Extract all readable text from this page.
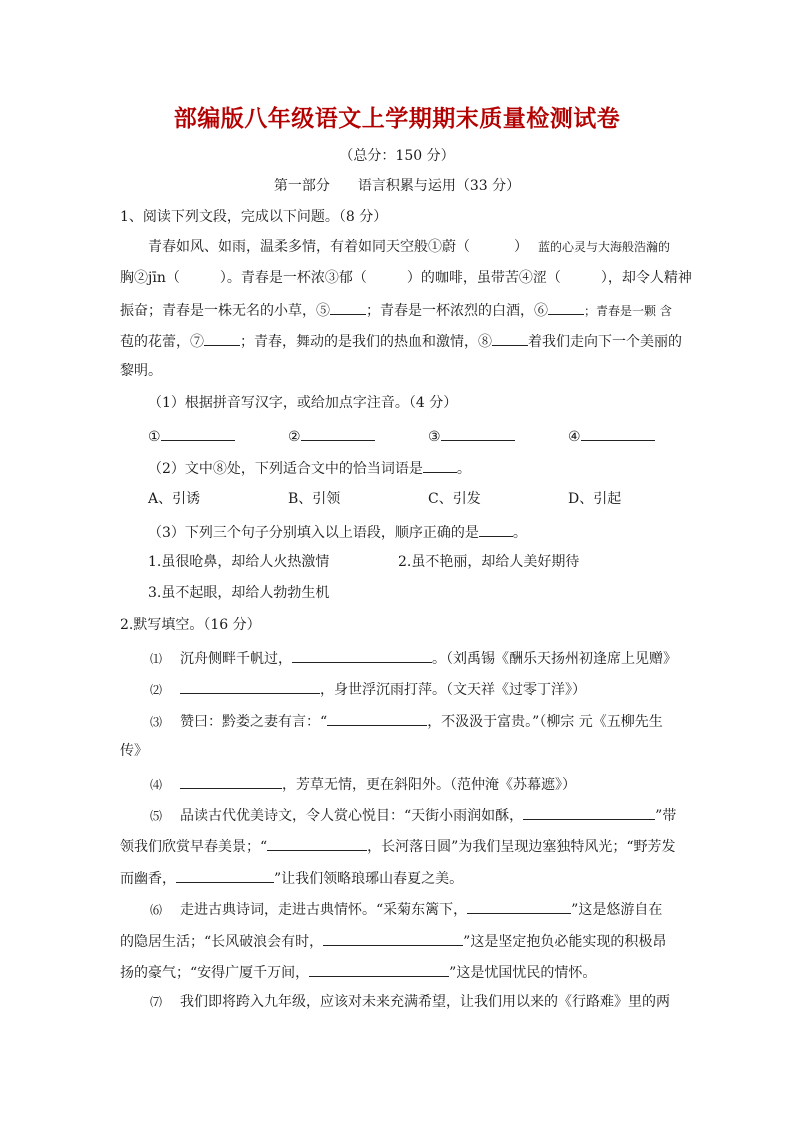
部编版八年级语文上学期期末质量检测试卷
（总分：150 分）
第一部分　　语言积累与运用（33 分）
1、阅读下列文段，完成以下问题。（8 分）
青春如风、如雨，温柔多情，有着如同天空般①蔚（	） 蓝的心灵与大海般浩瀚的
胸②jīn（	）。青春是一杯浓③郁（	）的咖啡，虽带苦④涩（	），却令人精神
振奋；青春是一株无名的小草，⑤	；青春是一杯浓烈的白酒，⑥	；青春是一颗 含
苞的花蕾，⑦	；青春，舞动的是我们的热血和激情，⑧	着我们走向下一个美丽的
黎明。
（1）根据拼音写汉字，或给加点字注音。（4 分）
①	②	③	④
（2）文中⑧处，下列适合文中的恰当词语是 。
A、引诱	B、引领	C、引发	D、引起
（3）下列三个句子分别填入以上语段，顺序正确的是 。
1.虽很呛鼻，却给人火热激情	2.虽不艳丽，却给人美好期待
3.虽不起眼，却给人勃勃生机
2.默写填空。（16 分）
⑴ 沉舟侧畔千帆过，	。（刘禹锡《酬乐天扬州初逢席上见赠》
⑵	，身世浮沉雨打萍。（文天祥《过零丁洋》）
⑶ 赞曰：黔娄之妻有言：“	，不汲汲于富贵。”（柳宗 元《五柳先生
传》
⑷	，芳草无情，更在斜阳外。（范仲淹《苏幕遮》）
⑸ 品读古代优美诗文，令人赏心悦目：“天街小雨润如酥，	”带
领我们欣赏早春美景；“	，长河落日圆”为我们呈现边塞独特风光；“野芳发
而幽香，	”让我们领略琅琊山春夏之美。
⑹ 走进古典诗词，走进古典情怀。“采菊东篱下，	”这是悠游自在
的隐居生活；“长风破浪会有时，	”这是坚定抱负必能实现的积极昂
扬的豪气；“安得广厦千万间，	”这是忧国忧民的情怀。
⑺ 我们即将跨入九年级，应该对未来充满希望，让我们用以来的《行路难》里的两
